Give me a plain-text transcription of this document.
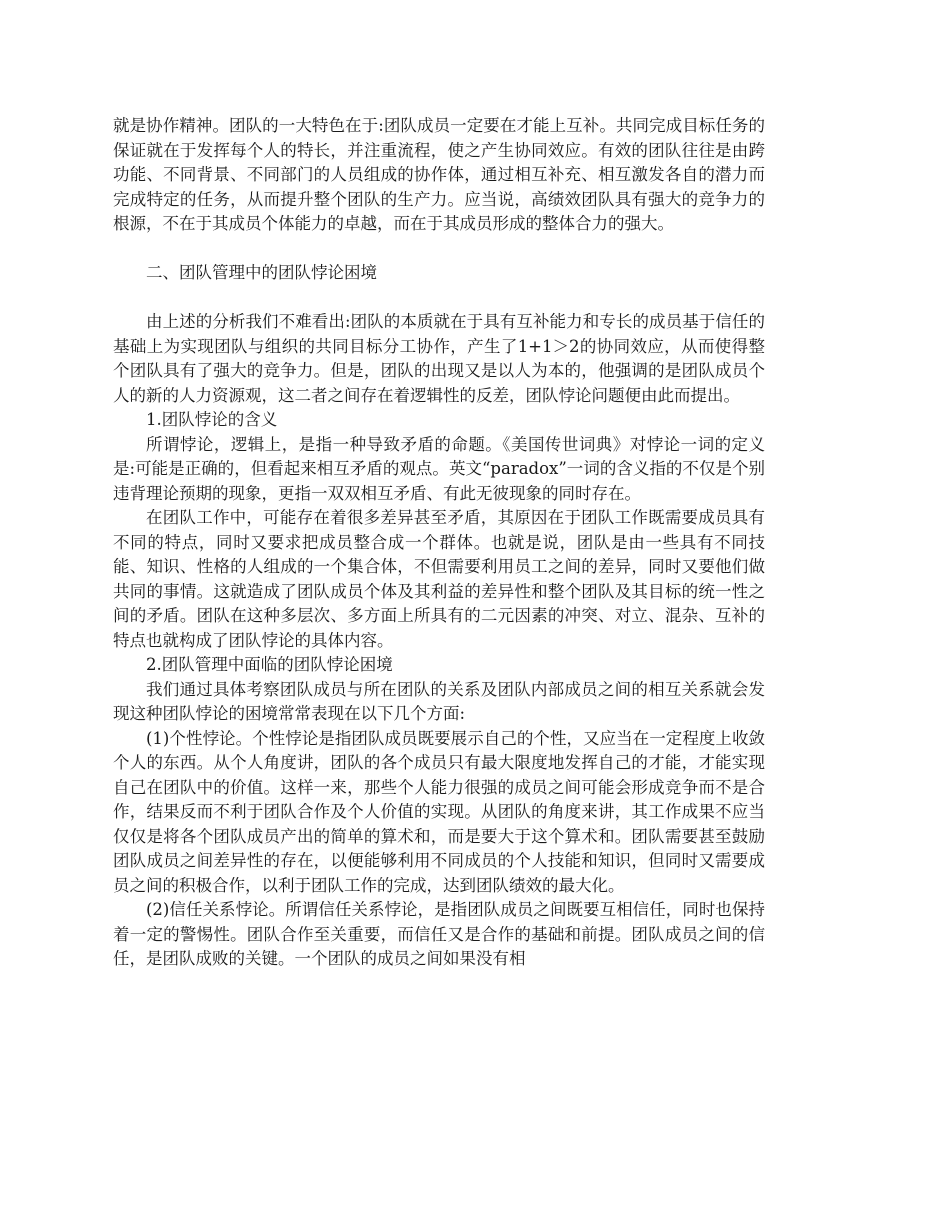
就是协作精神。团队的一大特色在于:团队成员一定要在才能上互补。共同完成目标任务的保证就在于发挥每个人的特长，并注重流程，使之产生协同效应。有效的团队往往是由跨功能、不同背景、不同部门的人员组成的协作体，通过相互补充、相互激发各自的潜力而完成特定的任务，从而提升整个团队的生产力。应当说，高绩效团队具有强大的竞争力的根源，不在于其成员个体能力的卓越，而在于其成员形成的整体合力的强大。

二、团队管理中的团队悖论困境

由上述的分析我们不难看出:团队的本质就在于具有互补能力和专长的成员基于信任的基础上为实现团队与组织的共同目标分工协作，产生了1+1＞2的协同效应，从而使得整个团队具有了强大的竞争力。但是，团队的出现又是以人为本的，他强调的是团队成员个人的新的人力资源观，这二者之间存在着逻辑性的反差，团队悖论问题便由此而提出。

1.团队悖论的含义

所谓悖论，逻辑上，是指一种导致矛盾的命题。《美国传世词典》对悖论一词的定义是:可能是正确的，但看起来相互矛盾的观点。英文“paradox”一词的含义指的不仅是个别违背理论预期的现象，更指一双双相互矛盾、有此无彼现象的同时存在。

在团队工作中，可能存在着很多差异甚至矛盾，其原因在于团队工作既需要成员具有不同的特点，同时又要求把成员整合成一个群体。也就是说，团队是由一些具有不同技能、知识、性格的人组成的一个集合体，不但需要利用员工之间的差异，同时又要他们做共同的事情。这就造成了团队成员个体及其利益的差异性和整个团队及其目标的统一性之间的矛盾。团队在这种多层次、多方面上所具有的二元因素的冲突、对立、混杂、互补的特点也就构成了团队悖论的具体内容。

2.团队管理中面临的团队悖论困境

我们通过具体考察团队成员与所在团队的关系及团队内部成员之间的相互关系就会发现这种团队悖论的困境常常表现在以下几个方面:

(1)个性悖论。个性悖论是指团队成员既要展示自己的个性，又应当在一定程度上收敛个人的东西。从个人角度讲，团队的各个成员只有最大限度地发挥自己的才能，才能实现自己在团队中的价值。这样一来，那些个人能力很强的成员之间可能会形成竞争而不是合作，结果反而不利于团队合作及个人价值的实现。从团队的角度来讲，其工作成果不应当仅仅是将各个团队成员产出的简单的算术和，而是要大于这个算术和。团队需要甚至鼓励团队成员之间差异性的存在，以便能够利用不同成员的个人技能和知识，但同时又需要成员之间的积极合作，以利于团队工作的完成，达到团队绩效的最大化。

(2)信任关系悖论。所谓信任关系悖论，是指团队成员之间既要互相信任，同时也保持着一定的警惕性。团队合作至关重要，而信任又是合作的基础和前提。团队成员之间的信任，是团队成败的关键。一个团队的成员之间如果没有相
